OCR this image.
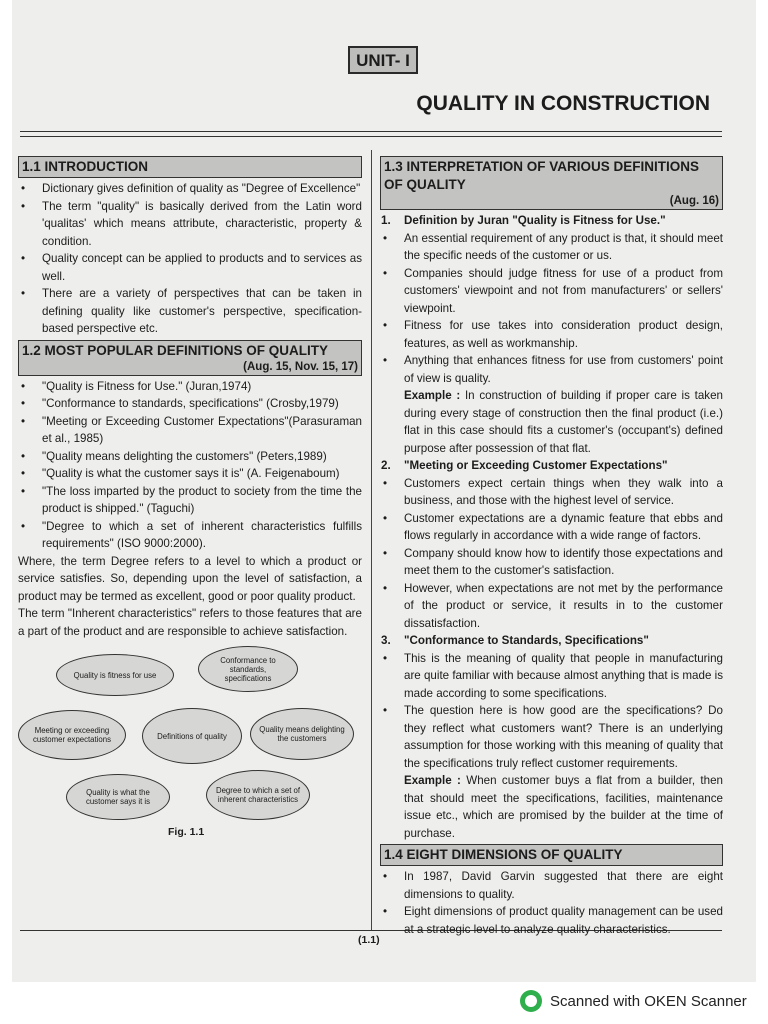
UNIT- I
QUALITY IN CONSTRUCTION
1.1 INTRODUCTION
• Dictionary gives definition of quality as "Degree of Excellence"
• The term "quality" is basically derived from the Latin word 'qualitas' which means attribute, characteristic, property & condition.
• Quality concept can be applied to products and to services as well.
• There are a variety of perspectives that can be taken in defining quality like customer's perspective, specification-based perspective etc.
1.2 MOST POPULAR DEFINITIONS OF QUALITY
(Aug. 15, Nov. 15, 17)
• "Quality is Fitness for Use." (Juran,1974)
• "Conformance to standards, specifications" (Crosby,1979)
• "Meeting or Exceeding Customer Expectations"(Parasuraman et al., 1985)
• "Quality means delighting the customers" (Peters,1989)
• "Quality is what the customer says it is" (A. Feigenaboum)
• "The loss imparted by the product to society from the time the product is shipped." (Taguchi)
• "Degree to which a set of inherent characteristics fulfills requirements" (ISO 9000:2000).
Where, the term Degree refers to a level to which a product or service satisfies. So, depending upon the level of satisfaction, a product may be termed as excellent, good or poor quality product.
The term "Inherent characteristics" refers to those features that are a part of the product and are responsible to achieve satisfaction.
Quality is fitness for use
Conformance to standards, specifications
Meeting or exceeding customer expectations	Definitions of quality
Quality means delighting the customers
Quality is what the customer says it is
Degree to which a set of inherent characteristics
Fig. 1.1
1.3 INTERPRETATION OF VARIOUS DEFINITIONS OF QUALITY
(Aug. 16)
1. Definition by Juran "Quality is Fitness for Use."
• An essential requirement of any product is that, it should meet the specific needs of the customer or us.
• Companies should judge fitness for use of a product from customers' viewpoint and not from manufacturers' or sellers' viewpoint.
• Fitness for use takes into consideration product design, features, as well as workmanship.
• Anything that enhances fitness for use from customers' point of view is quality.
Example : In construction of building if proper care is taken during every stage of construction then the final product (i.e.) flat in this case should fits a customer's (occupant's) defined purpose after possession of that flat.
2. "Meeting or Exceeding Customer Expectations"
• Customers expect certain things when they walk into a business, and those with the highest level of service.
• Customer expectations are a dynamic feature that ebbs and flows regularly in accordance with a wide range of factors.
• Company should know how to identify those expectations and meet them to the customer's satisfaction.
• However, when expectations are not met by the performance of the product or service, it results in to the customer dissatisfaction.
3. "Conformance to Standards, Specifications"
• This is the meaning of quality that people in manufacturing are quite familiar with because almost anything that is made is made according to some specifications.
• The question here is how good are the specifications? Do they reflect what customers want? There is an underlying assumption for those working with this meaning of quality that the specifications truly reflect customer requirements.
Example : When customer buys a flat from a builder, then that should meet the specifications, facilities, maintenance issue etc., which are promised by the builder at the time of purchase.
1.4 EIGHT DIMENSIONS OF QUALITY
• In 1987, David Garvin suggested that there are eight dimensions to quality.
• Eight dimensions of product quality management can be used at a strategic level to analyze quality characteristics.
(1.1)
Scanned with OKEN Scanner
